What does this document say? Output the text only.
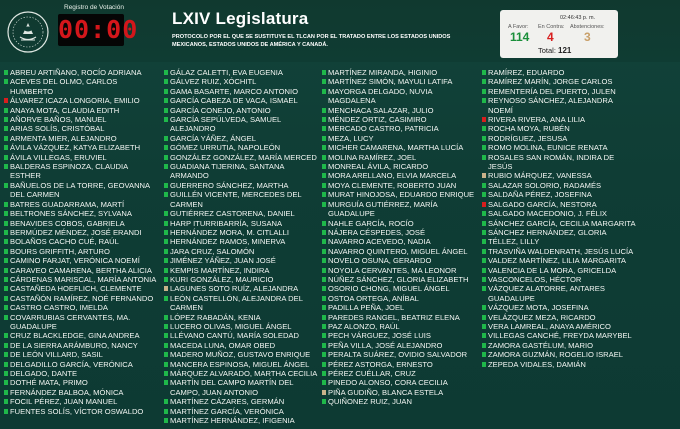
Registro de Votación
00:00 LXIV Legislatura
PROTOCOLO POR EL QUE SE SUSTITUYE EL TLCAN POR EL TRATADO ENTRE LOS ESTADOS UNIDOS MEXICANOS, ESTADOS UNIDOS DE AMÉRICA Y CANADÁ.
02:46:43 p. m.
A Favor:
114
En Contra:
4
Abstenciones:
3
Total: 121
ABREU ARTIÑANO, ROCÍO ADRIANA
ACEVES DEL OLMO, CARLOS
HUMBERTO
ÁLVAREZ ICAZA LONGORIA, EMILIO
ANAYA MOTA, CLAUDIA EDITH
AÑORVE BAÑOS, MANUEL
ARIAS SOLÍS, CRISTÓBAL
ARMENTA MIER, ALEJANDRO
ÁVILA VÁZQUEZ, KATYA ELIZABETH
ÁVILA VILLEGAS, ERUVIEL
BALDERAS ESPINOZA, CLAUDIA
ESTHER
BAÑUELOS DE LA TORRE, GEOVANNA
DEL CARMEN
BATRES GUADARRAMA, MARTÍ
BELTRONES SÁNCHEZ, SYLVANA
BENAVIDES COBOS, GABRIELA
BERMÚDEZ MÉNDEZ, JOSÉ ERANDI
BOLAÑOS CACHO CUÉ, RAÚL
BOURS GRIFFITH, ARTURO
CAMINO FARJAT, VERÓNICA NOEMÍ
CARAVEO CAMARENA, BERTHA ALICIA
CÁRDENAS MARISCAL, MARÍA ANTONIA
CASTAÑEDA HOEFLICH, CLEMENTE
CASTAÑÓN RAMÍREZ, NOÉ FERNANDO
CASTRO CASTRO, IMELDA
COVARRUBIAS CERVANTES, MA.
GUADALUPE
CRUZ BLACKLEDGE, GINA ANDREA
DE LA SIERRA ARÁMBURO, NANCY
DE LEÓN VILLARD, SASIL
DELGADILLO GARCÍA, VERÓNICA
DELGADO, DANTE
DOTHÉ MATA, PRIMO
FERNÁNDEZ BALBOA, MÓNICA
FOCIL PÉREZ, JUAN MANUEL
FUENTES SOLÍS, VÍCTOR OSWALDO
GÁLAZ CALETTI, EVA EUGENIA
GÁLVEZ RUIZ, XÓCHITL
GAMA BASARTE, MARCO ANTONIO
GARCÍA CABEZA DE VACA, ISMAEL
GARCÍA CONEJO, ANTONIO
GARCÍA SEPÚLVEDA, SAMUEL
ALEJANDRO
GARCÍA YÁÑEZ, ÁNGEL
GÓMEZ URRUTIA, NAPOLEÓN
GONZÁLEZ GONZÁLEZ, MARÍA MERCED
GUADIANA TIJERINA, SANTANA
ARMANDO
GUERRERO SÁNCHEZ, MARTHA
GUILLÉN VICENTE, MERCEDES DEL
CARMEN
GUTIÉRREZ CASTORENA, DANIEL
HARP ITURRIBARRÍA, SUSANA
HERNÁNDEZ MORA, M. CITLALLI
HERNÁNDEZ RAMOS, MINERVA
JARA CRUZ, SALOMÓN
JIMÉNEZ YÁÑEZ, JUAN JOSÉ
KEMPIS MARTÍNEZ, INDIRA
KURI GONZÁLEZ, MAURICIO
LAGUNES SOTO RUÍZ, ALEJANDRA
LEÓN CASTELLÓN, ALEJANDRA DEL
CARMEN
LÓPEZ RABADÁN, KENIA
LUCERO OLIVAS, MIGUEL ÁNGEL
LLÉVANO CANTÚ, MARÍA SOLEDAD
MACEDA LUNA, OMAR OBED
MADERO MUÑOZ, GUSTAVO ENRIQUE
MANCERA ESPINOSA, MIGUEL ÁNGEL
MÁRQUEZ ALVARADO, MARTHA CECILIA
MARTÍN DEL CAMPO MARTÍN DEL
CAMPO, JUAN ANTONIO
MARTÍNEZ CÁZARES, GERMÁN
MARTÍNEZ GARCÍA, VERÓNICA
MARTÍNEZ HERNÁNDEZ, IFIGENIA
MARTÍNEZ MIRANDA, HIGINIO
MARTÍNEZ SIMÓN, MAYULI LATIFA
MAYORGA DELGADO, NUVIA
MAGDALENA
MENCHACA SALAZAR, JULIO
MÉNDEZ ORTIZ, CASIMIRO
MERCADO CASTRO, PATRICIA
MEZA, LUCY
MICHER CAMARENA, MARTHA LUCÍA
MOLINA RAMÍREZ, JOEL
MONREAL ÁVILA, RICARDO
MORA ARELLANO, ELVIA MARCELA
MOYA CLEMENTE, ROBERTO JUAN
MURAT HINOJOSA, EDUARDO ENRIQUE
MURGUÍA GUTIÉRREZ, MARÍA
GUADALUPE
NAHLE GARCÍA, ROCÍO
NÁJERA CÉSPEDES, JOSÉ
NAVARRO ACEVEDO, NADIA
NAVARRO QUINTERO, MIGUEL ÁNGEL
NOVELO OSUNA, GERARDO
NOYOLA CERVANTES, MA LEONOR
NÚÑEZ SÁNCHEZ, GLORIA ELIZABETH
OSORIO CHONG, MIGUEL ÁNGEL
OSTOA ORTEGA, ANÍBAL
PADILLA PEÑA, JOEL
PAREDES RANGEL, BEATRIZ ELENA
PAZ ALONZO, RAÚL
PECH VÁRGUEZ, JOSÉ LUIS
PEÑA VILLA, JOSÉ ALEJANDRO
PERALTA SUÁREZ, OVIDIO SALVADOR
PÉREZ ASTORGA, ERNESTO
PÉREZ CUÉLLAR, CRUZ
PINEDO ALONSO, CORA CECILIA
PIÑA GUDIÑO, BLANCA ESTELA
QUIÑONEZ RUIZ, JUAN
RAMÍREZ, EDUARDO
RAMÍREZ MARÍN, JORGE CARLOS
REMENTERÍA DEL PUERTO, JULEN
REYNOSO SÁNCHEZ, ALEJANDRA
NOEMÍ
RIVERA RIVERA, ANA LILIA
ROCHA MOYA, RUBÉN
RODRÍGUEZ, JESUSA
ROMO MOLINA, EUNICE RENATA
ROSALES SAN ROMÁN, INDIRA DE
JESÚS
RUBIO MÁRQUEZ, VANESSA
SALAZAR SOLORIO, RADAMÉS
SALDAÑA PÉREZ, JOSEFINA
SALGADO GARCÍA, NESTORA
SALGADO MACEDONIO, J. FÉLIX
SÁNCHEZ GARCÍA, CECILIA MARGARITA
SÁNCHEZ HERNÁNDEZ, GLORIA
TÉLLEZ, LILLY
TRASVIÑA WALDENRATH, JESÚS LUCÍA
VALDEZ MARTÍNEZ, LILIA MARGARITA
VALENCIA DE LA MORA, GRICELDA
VASCONCELOS, HÉCTOR
VÁZQUEZ ALATORRE, ANTARES
GUADALUPE
VÁZQUEZ MOTA, JOSEFINA
VELÁZQUEZ MEZA, RICARDO
VERA LAMREAL, ANAYA AMÉRICO
VILLEGAS CANCHÉ, FREYDA MARYBEL
ZAMORA GASTÉLUM, MARIO
ZAMORA GUZMÁN, ROGELIO ISRAEL
ZEPEDA VIDALES, DAMIÁN
